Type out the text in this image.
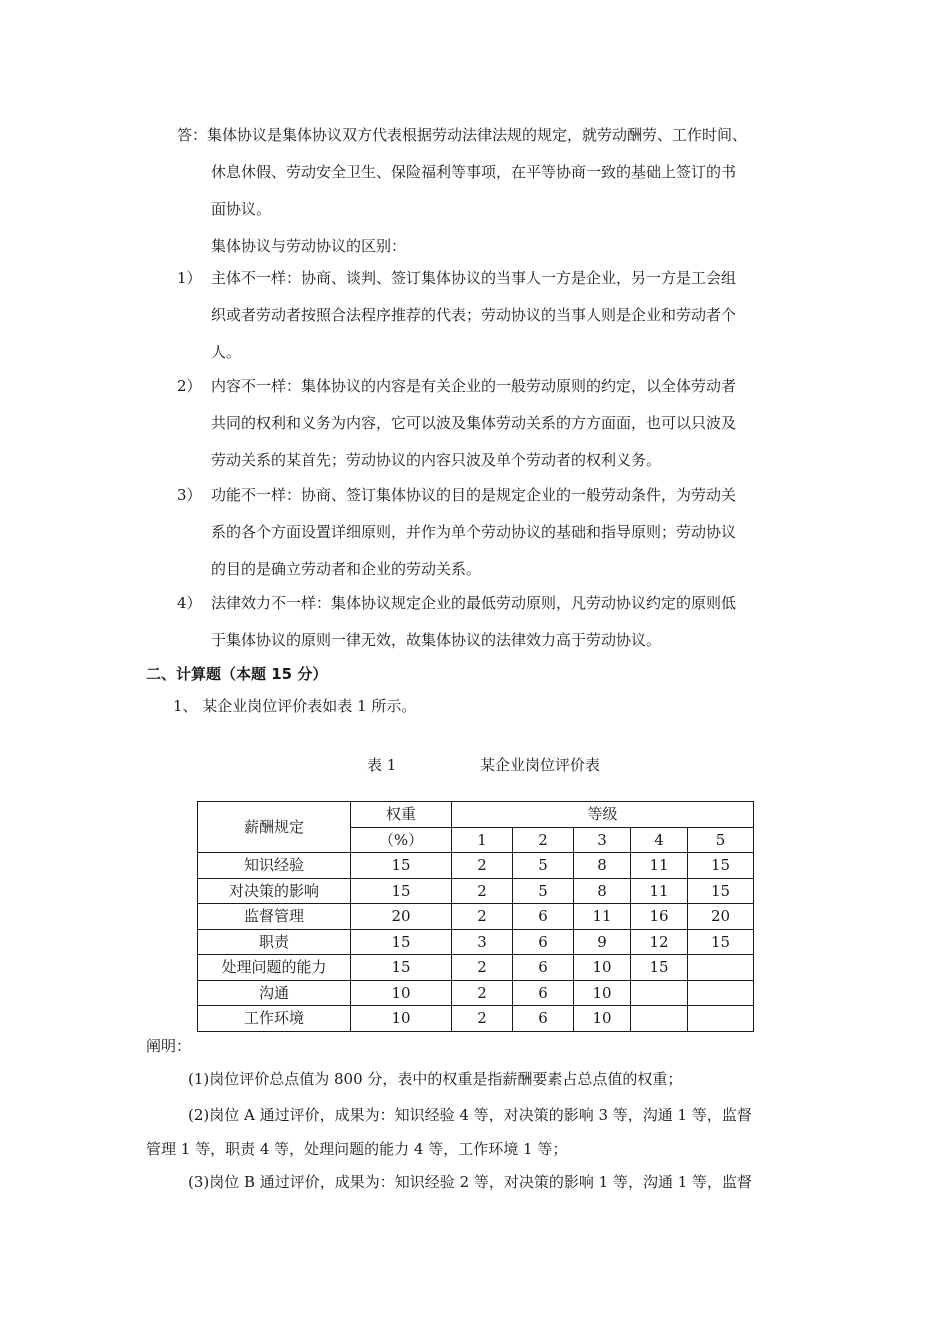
答：集体协议是集体协议双方代表根据劳动法律法规的规定，就劳动酬劳、工作时间、
休息休假、劳动安全卫生、保险福利等事项，在平等协商一致的基础上签订的书
面协议。
集体协议与劳动协议的区别：
1） 主体不一样：协商、谈判、签订集体协议的当事人一方是企业，另一方是工会组
织或者劳动者按照合法程序推荐的代表；劳动协议的当事人则是企业和劳动者个
人。
2） 内容不一样：集体协议的内容是有关企业的一般劳动原则的约定，以全体劳动者
共同的权利和义务为内容，它可以波及集体劳动关系的方方面面，也可以只波及
劳动关系的某首先；劳动协议的内容只波及单个劳动者的权利义务。
3） 功能不一样：协商、签订集体协议的目的是规定企业的一般劳动条件，为劳动关
系的各个方面设置详细原则，并作为单个劳动协议的基础和指导原则；劳动协议
的目的是确立劳动者和企业的劳动关系。
4） 法律效力不一样：集体协议规定企业的最低劳动原则，凡劳动协议约定的原则低
于集体协议的原则一律无效，故集体协议的法律效力高于劳动协议。
二、计算题（本题 15 分）
1、 某企业岗位评价表如表 1 所示。
表 1	某企业岗位评价表
薪酬规定	权重	等级				
	（%）	1	2	3	4	5
知识经验	15	2	5	8	11	15
对决策的影响	15	2	5	8	11	15
监督管理	20	2	6	11	16	20
职责	15	3	6	9	12	15
处理问题的能力	15	2	6	10	15	
沟通	10	2	6	10		
工作环境	10	2	6	10		
阐明：
(1)岗位评价总点值为 800 分，表中的权重是指薪酬要素占总点值的权重；
(2)岗位 A 通过评价，成果为：知识经验 4 等，对决策的影响 3 等，沟通 1 等，监督
管理 1 等，职责 4 等，处理问题的能力 4 等，工作环境 1 等；
(3)岗位 B 通过评价，成果为：知识经验 2 等，对决策的影响 1 等，沟通 1 等，监督
